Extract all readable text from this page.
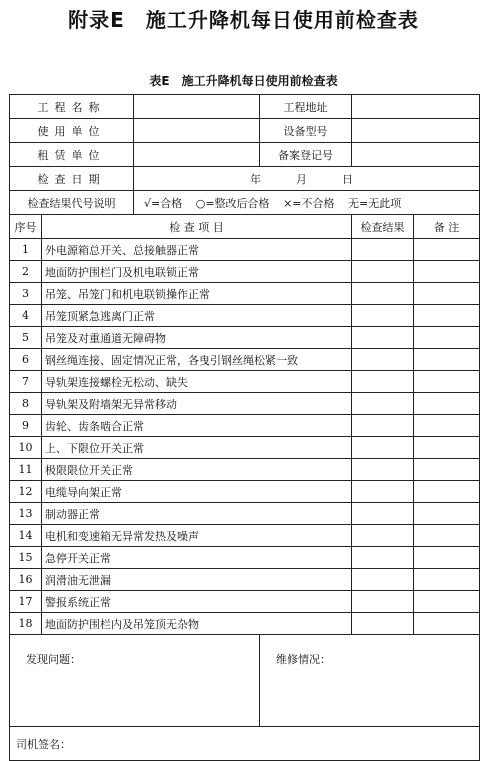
附录E　施工升降机每日使用前检查表
表E　施工升降机每日使用前检查表
工程名称			工程地址		
使用单位			设备型号		
租赁单位			备案登记号		
检查日期		年 月 日			
检查结果代号说明		√=合格 ○=整改后合格 ×=不合格 无=无此项			
序号	检 查 项 目			检查结果	备 注
1	外电源箱总开关、总接触器正常				
2	地面防护围栏门及机电联锁正常				
3	吊笼、吊笼门和机电联锁操作正常				
4	吊笼顶紧急逃离门正常				
5	吊笼及对重通道无障碍物				
6	钢丝绳连接、固定情况正常，各曳引钢丝绳松紧一致				
7	导轨架连接螺栓无松动、缺失				
8	导轨架及附墙架无异常移动				
9	齿轮、齿条啮合正常				
10	上、下限位开关正常				
11	极限限位开关正常				
12	电缆导向架正常				
13	制动器正常				
14	电机和变速箱无异常发热及噪声				
15	急停开关正常				
16	润滑油无泄漏				
17	警报系统正常				
18	地面防护围栏内及吊笼顶无杂物				
发现问题：			维修情况：		
司机签名：					
